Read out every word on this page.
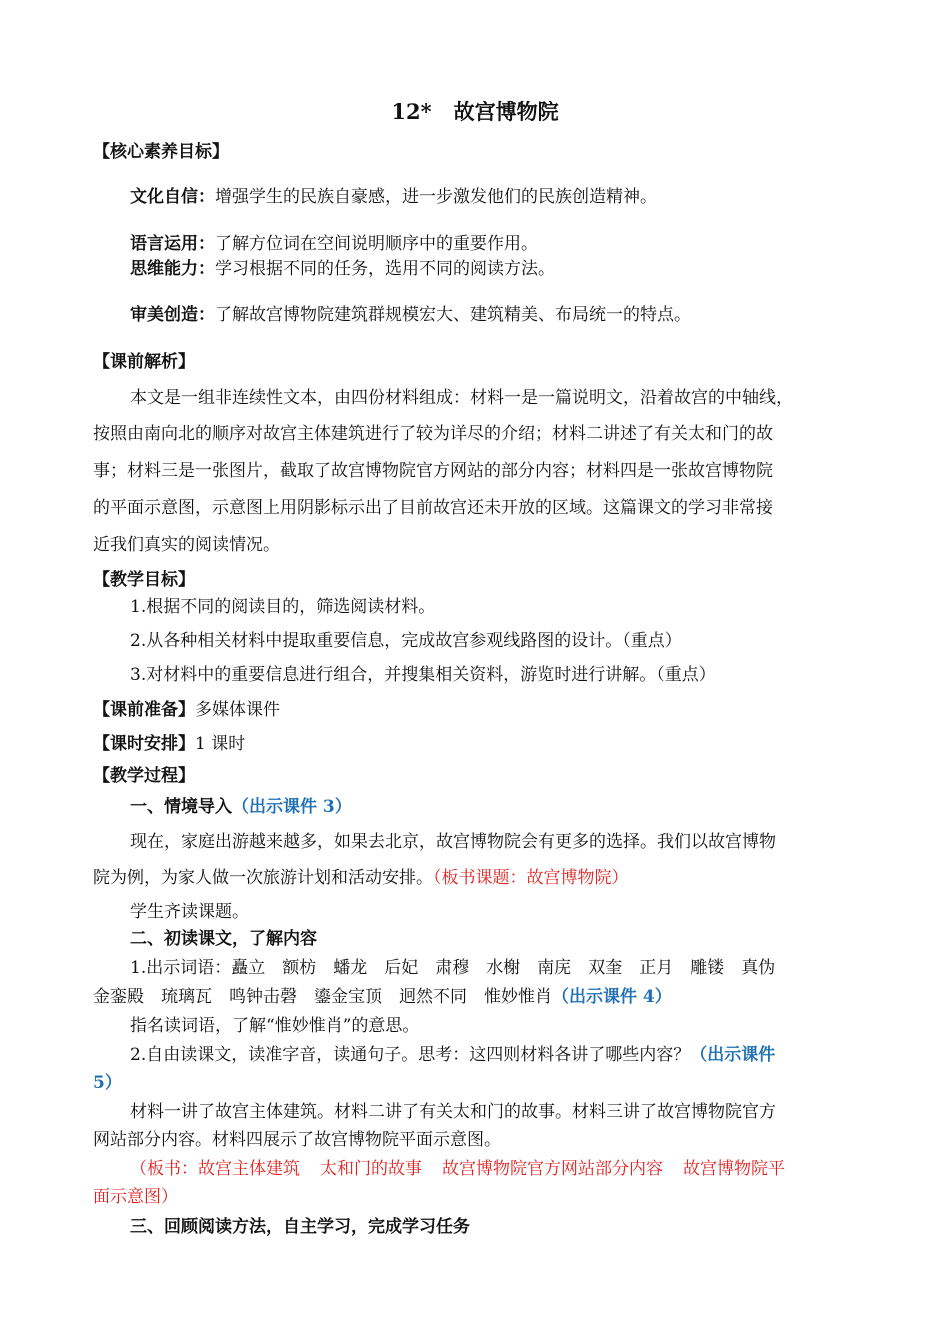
12* 故宫博物院
【核心素养目标】
文化自信：增强学生的民族自豪感，进一步激发他们的民族创造精神。
语言运用：了解方位词在空间说明顺序中的重要作用。
思维能力：学习根据不同的任务，选用不同的阅读方法。
审美创造：了解故宫博物院建筑群规模宏大、建筑精美、布局统一的特点。
【课前解析】
本文是一组非连续性文本，由四份材料组成：材料一是一篇说明文，沿着故宫的中轴线，
按照由南向北的顺序对故宫主体建筑进行了较为详尽的介绍；材料二讲述了有关太和门的故
事；材料三是一张图片，截取了故宫博物院官方网站的部分内容；材料四是一张故宫博物院
的平面示意图，示意图上用阴影标示出了目前故宫还未开放的区域。这篇课文的学习非常接
近我们真实的阅读情况。
【教学目标】
1.根据不同的阅读目的，筛选阅读材料。
2.从各种相关材料中提取重要信息，完成故宫参观线路图的设计。（重点）
3.对材料中的重要信息进行组合，并搜集相关资料，游览时进行讲解。（重点）
【课前准备】多媒体课件
【课时安排】1 课时
【教学过程】
一、情境导入（出示课件 3）
现在，家庭出游越来越多，如果去北京，故宫博物院会有更多的选择。我们以故宫博物
院为例，为家人做一次旅游计划和活动安排。（板书课题：故宫博物院）
学生齐读课题。
二、初读课文，了解内容
1.出示词语：矗立 额枋 蟠龙 后妃 肃穆 水榭 南庑 双奎 正月 雕镂 真伪
金銮殿 琉璃瓦 鸣钟击磬 鎏金宝顶 迥然不同 惟妙惟肖（出示课件 4）
指名读词语，了解“惟妙惟肖”的意思。
2.自由读课文，读准字音，读通句子。思考：这四则材料各讲了哪些内容？（出示课件
5）
材料一讲了故宫主体建筑。材料二讲了有关太和门的故事。材料三讲了故宫博物院官方
网站部分内容。材料四展示了故宫博物院平面示意图。
（板书：故宫主体建筑 太和门的故事 故宫博物院官方网站部分内容 故宫博物院平
面示意图）
三、回顾阅读方法，自主学习，完成学习任务
